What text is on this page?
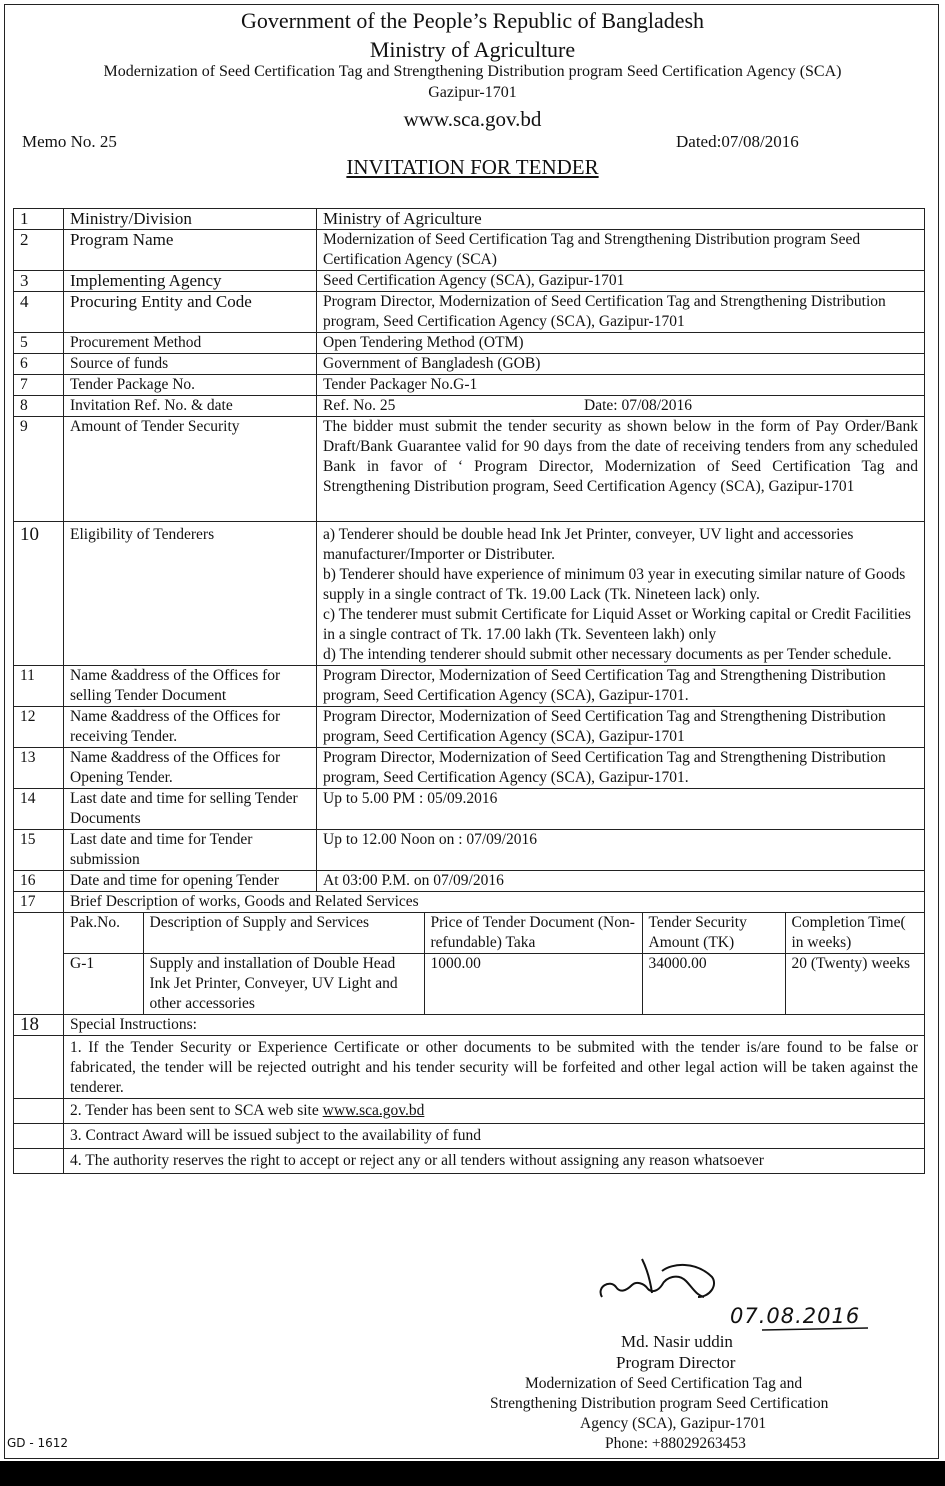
Government of the People’s Republic of Bangladesh
Ministry of Agriculture
Modernization of Seed Certification Tag and Strengthening Distribution program Seed Certification Agency (SCA)
Gazipur-1701
www.sca.gov.bd
Memo No. 25	Dated:07/08/2016
INVITATION FOR TENDER
1	Ministry/Division	Ministry of Agriculture
2	Program Name	Modernization of Seed Certification Tag and Strengthening Distribution program Seed Certification Agency (SCA)
3	Implementing Agency	Seed Certification Agency (SCA), Gazipur-1701
4	Procuring Entity and Code	Program Director, Modernization of Seed Certification Tag and Strengthening Distribution program, Seed Certification Agency (SCA), Gazipur-1701
5	Procurement Method	Open Tendering Method (OTM)
6	Source of funds	Government of Bangladesh (GOB)
7	Tender Package No.	Tender Packager No.G-1
8	Invitation Ref. No. & date	Ref. No. 25	Date: 07/08/2016

9	Amount of Tender Security	The bidder must submit the tender security as shown below in the form of Pay Order/Bank Draft/Bank Guarantee valid for 90 days from the date of receiving tenders from any scheduled Bank in favor of ‘ Program Director, Modernization of Seed Certification Tag and Strengthening Distribution program, Seed Certification Agency (SCA), Gazipur-1701
10	Eligibility of Tenderers	a) Tenderer should be double head Ink Jet Printer, conveyer, UV light and accessories manufacturer/Importer or Distributer.
b) Tenderer should have experience of minimum 03 year in executing similar nature of Goods supply in a single contract of Tk. 19.00 Lack (Tk. Nineteen lack) only.
c) The tenderer must submit Certificate for Liquid Asset or Working capital or Credit Facilities in a single contract of Tk. 17.00 lakh (Tk. Seventeen lakh) only
d) The intending tenderer should submit other necessary documents as per Tender schedule.

11	Name &address of the Offices for selling Tender Document	Program Director, Modernization of Seed Certification Tag and Strengthening Distribution program, Seed Certification Agency (SCA), Gazipur-1701.
12	Name &address of the Offices for receiving Tender.	Program Director, Modernization of Seed Certification Tag and Strengthening Distribution program, Seed Certification Agency (SCA), Gazipur-1701
13	Name &address of the Offices for Opening Tender.	Program Director, Modernization of Seed Certification Tag and Strengthening Distribution program, Seed Certification Agency (SCA), Gazipur-1701.
14	Last date and time for selling Tender Documents	Up to 5.00 PM : 05/09.2016
15	Last date and time for Tender submission	Up to 12.00 Noon on : 07/09/2016
16	Date and time for opening Tender	At 03:00 P.M. on 07/09/2016
17	Brief Description of works, Goods and Related Services

Pak.No.	Description of Supply and Services	Price of Tender Document (Non-refundable) Taka	Tender Security Amount (TK)	Completion Time( in weeks)
G-1	Supply and installation of Double Head Ink Jet Printer, Conveyer, UV Light and other accessories	1000.00	34000.00	20 (Twenty) weeks

18	Special Instructions:
	1. If the Tender Security or Experience Certificate or other documents to be submited with the tender is/are found to be false or fabricated, the tender will be rejected outright and his tender security will be forfeited and other legal action will be taken against the tenderer.
	2. Tender has been sent to SCA web site www.sca.gov.bd
	3. Contract Award will be issued subject to the availability of fund
	4. The authority reserves the right to accept or reject any or all tenders without assigning any reason whatsoever
07.08.2016
Md. Nasir uddin
Program Director
Modernization of Seed Certification Tag and
Strengthening Distribution program Seed Certification
Agency (SCA), Gazipur-1701
Phone: +88029263453
GD - 1612
